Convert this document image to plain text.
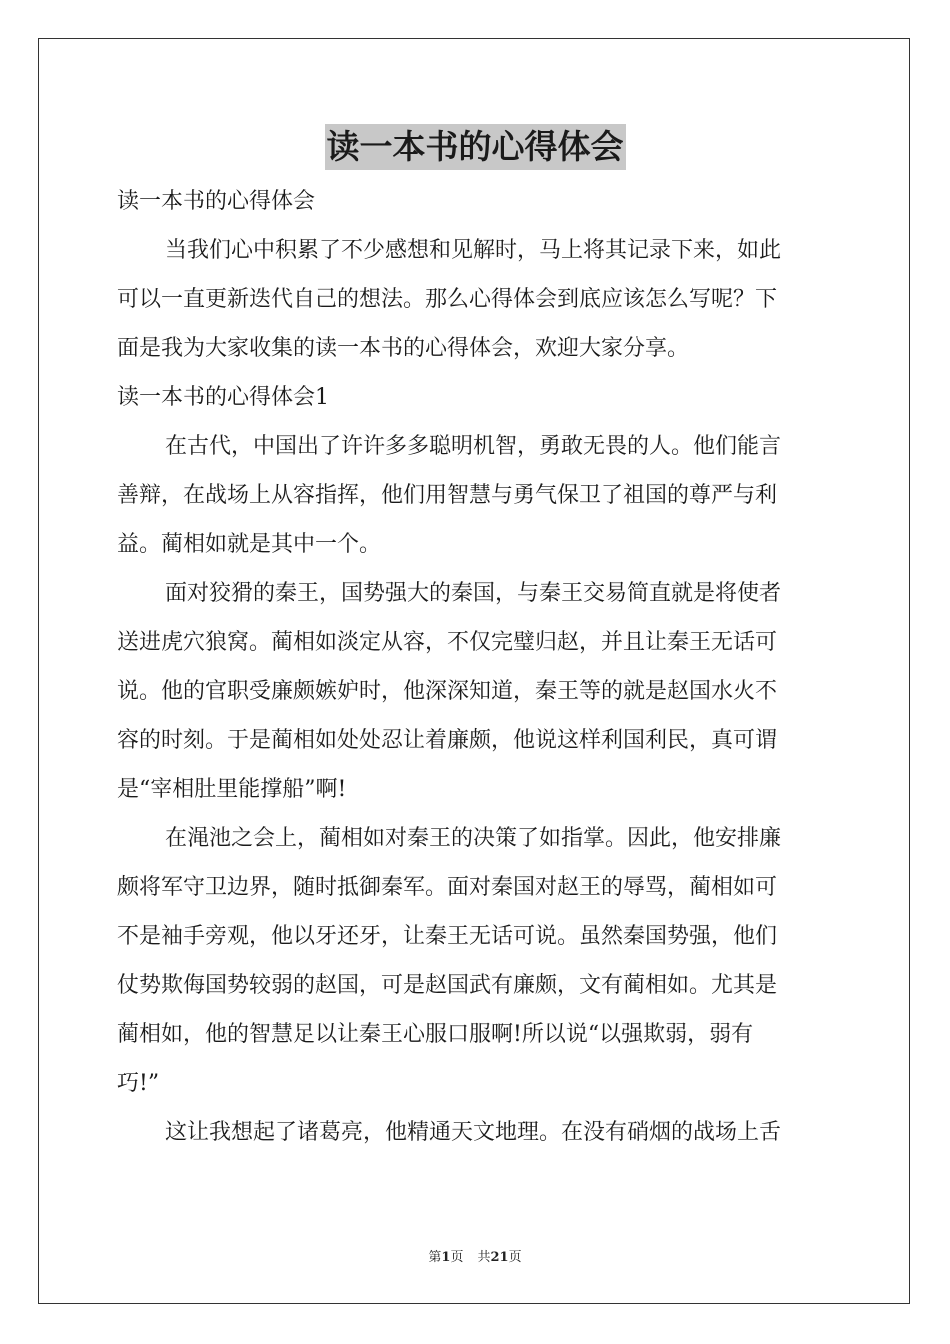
读一本书的心得体会
读一本书的心得体会
当我们心中积累了不少感想和见解时，马上将其记录下来，如此
可以一直更新迭代自己的想法。那么心得体会到底应该怎么写呢？下
面是我为大家收集的读一本书的心得体会，欢迎大家分享。
读一本书的心得体会1
在古代，中国出了许许多多聪明机智，勇敢无畏的人。他们能言
善辩，在战场上从容指挥，他们用智慧与勇气保卫了祖国的尊严与利
益。蔺相如就是其中一个。
面对狡猾的秦王，国势强大的秦国，与秦王交易简直就是将使者
送进虎穴狼窝。蔺相如淡定从容，不仅完璧归赵，并且让秦王无话可
说。他的官职受廉颇嫉妒时，他深深知道，秦王等的就是赵国水火不
容的时刻。于是蔺相如处处忍让着廉颇，他说这样利国利民，真可谓
是“宰相肚里能撑船”啊!
在渑池之会上，蔺相如对秦王的决策了如指掌。因此，他安排廉
颇将军守卫边界，随时抵御秦军。面对秦国对赵王的辱骂，蔺相如可
不是袖手旁观，他以牙还牙，让秦王无话可说。虽然秦国势强，他们
仗势欺侮国势较弱的赵国，可是赵国武有廉颇，文有蔺相如。尤其是
蔺相如，他的智慧足以让秦王心服口服啊!所以说“以强欺弱，弱有
巧!”
这让我想起了诸葛亮，他精通天文地理。在没有硝烟的战场上舌
第1页 共21页
